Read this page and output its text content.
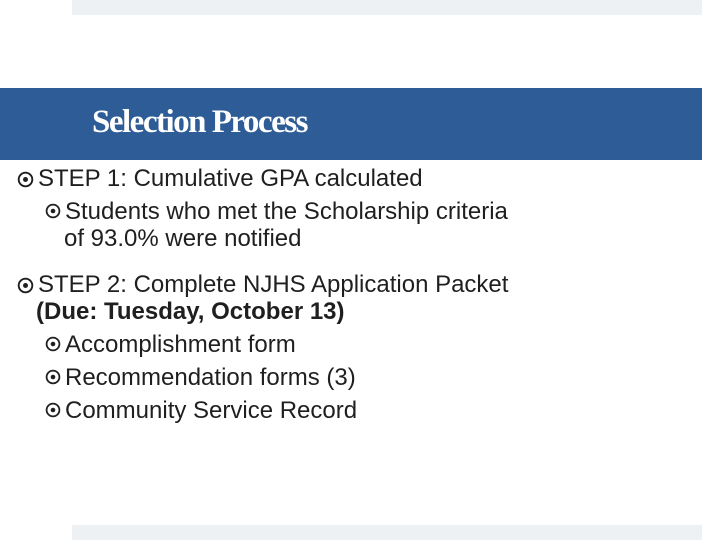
Selection Process
STEP 1: Cumulative GPA calculated
Students who met the Scholarship criteria
of 93.0% were notified
STEP 2: Complete NJHS Application Packet
(Due: Tuesday, October 13)
Accomplishment form
Recommendation forms (3)
Community Service Record
